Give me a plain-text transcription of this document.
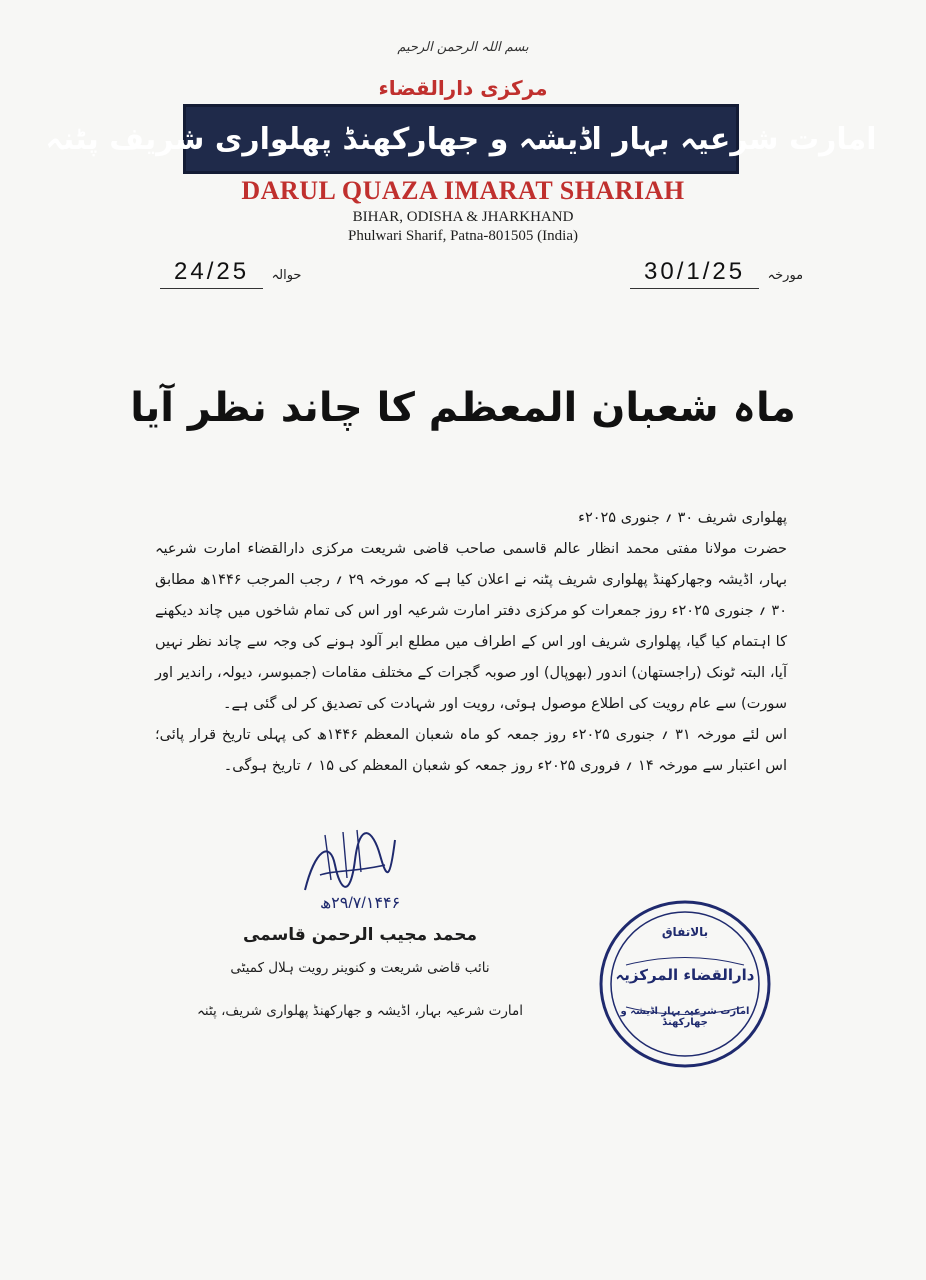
بسم اللہ الرحمن الرحیم
مرکزی دارالقضاء
امارت شرعیہ بہار اڈیشہ و جھارکھنڈ پھلواری شریف پٹنہ
DARUL QUAZA IMARAT SHARIAH
BIHAR, ODISHA & JHARKHAND
Phulwari Sharif, Patna-801505 (India)
حوالہ 24/25	مورخہ 30/1/25
ماہ شعبان المعظم کا چاند نظر آیا

پھلواری شریف ۳۰ ؍ جنوری ۲۰۲۵ء

حضرت مولانا مفتی محمد انظار عالم قاسمی صاحب قاضی شریعت مرکزی دارالقضاء امارت شرعیہ بہار، اڈیشہ وجھارکھنڈ پھلواری شریف پٹنہ نے اعلان کیا ہے کہ مورخہ ۲۹ ؍ رجب المرجب ۱۴۴۶ھ مطابق ۳۰ ؍ جنوری ۲۰۲۵ء روز جمعرات کو مرکزی دفتر امارت شرعیہ اور اس کی تمام شاخوں میں چاند دیکھنے کا اہتمام کیا گیا، پھلواری شریف اور اس کے اطراف میں مطلع ابر آلود ہونے کی وجہ سے چاند نظر نہیں آیا، البتہ ٹونک (راجستھان) اندور (بھوپال) اور صوبہ گجرات کے مختلف مقامات (جمبوسر، دیولہ، راندیر اور سورت) سے عام رویت کی اطلاع موصول ہوئی، رویت اور شہادت کی تصدیق کر لی گئی ہے۔

اس لئے مورخہ ۳۱ ؍ جنوری ۲۰۲۵ء روز جمعہ کو ماہ شعبان المعظم ۱۴۴۶ھ کی پہلی تاریخ قرار پائی؛ اس اعتبار سے مورخہ ۱۴ ؍ فروری ۲۰۲۵ء روز جمعہ کو شعبان المعظم کی ۱۵ ؍ تاریخ ہوگی۔

۲۹/۷/۱۴۴۶ھ
محمد مجیب الرحمن قاسمی
نائب قاضی شریعت و کنوینر رویت ہلال کمیٹی
امارت شرعیہ بہار، اڈیشہ و جھارکھنڈ پھلواری شریف، پٹنہ
بالاتفاق
دارالقضاء المرکزیہ
امارت شرعیہ بہار اڈیشہ و جھارکھنڈ
